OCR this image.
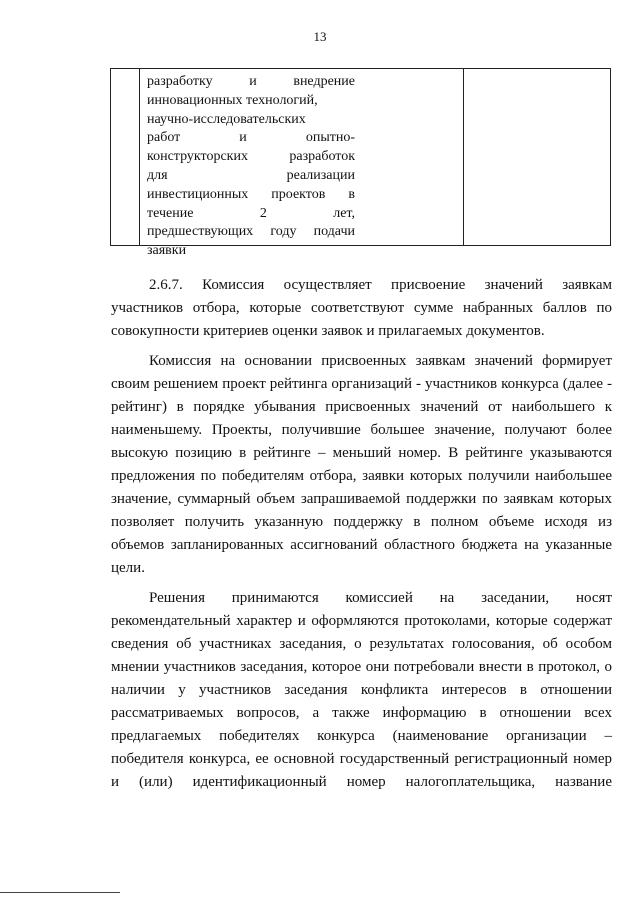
13
разработку и внедрение
инновационных технологий,
научно-исследовательских
работ и опытно-
конструкторских разработок
для реализации
инвестиционных проектов в
течение 2 лет,
предшествующих году подачи
заявки
2.6.7. Комиссия осуществляет присвоение значений заявкам
участников отбора, которые соответствуют сумме набранных баллов по
совокупности критериев оценки заявок и прилагаемых документов.
Комиссия на основании присвоенных заявкам значений формирует
своим решением проект рейтинга организаций - участников конкурса (далее -
рейтинг) в порядке убывания присвоенных значений от наибольшего к
наименьшему. Проекты, получившие большее значение, получают более
высокую позицию в рейтинге – меньший номер. В рейтинге указываются
предложения по победителям отбора, заявки которых получили наибольшее
значение, суммарный объем запрашиваемой поддержки по заявкам которых
позволяет получить указанную поддержку в полном объеме исходя из
объемов запланированных ассигнований областного бюджета на указанные
цели.
Решения принимаются комиссией на заседании, носят
рекомендательный характер и оформляются протоколами, которые содержат
сведения об участниках заседания, о результатах голосования, об особом
мнении участников заседания, которое они потребовали внести в протокол, о
наличии у участников заседания конфликта интересов в отношении
рассматриваемых вопросов, а также информацию в отношении всех
предлагаемых победителях конкурса (наименование организации –
победителя конкурса, ее основной государственный регистрационный номер
и (или) идентификационный номер налогоплательщика, название
